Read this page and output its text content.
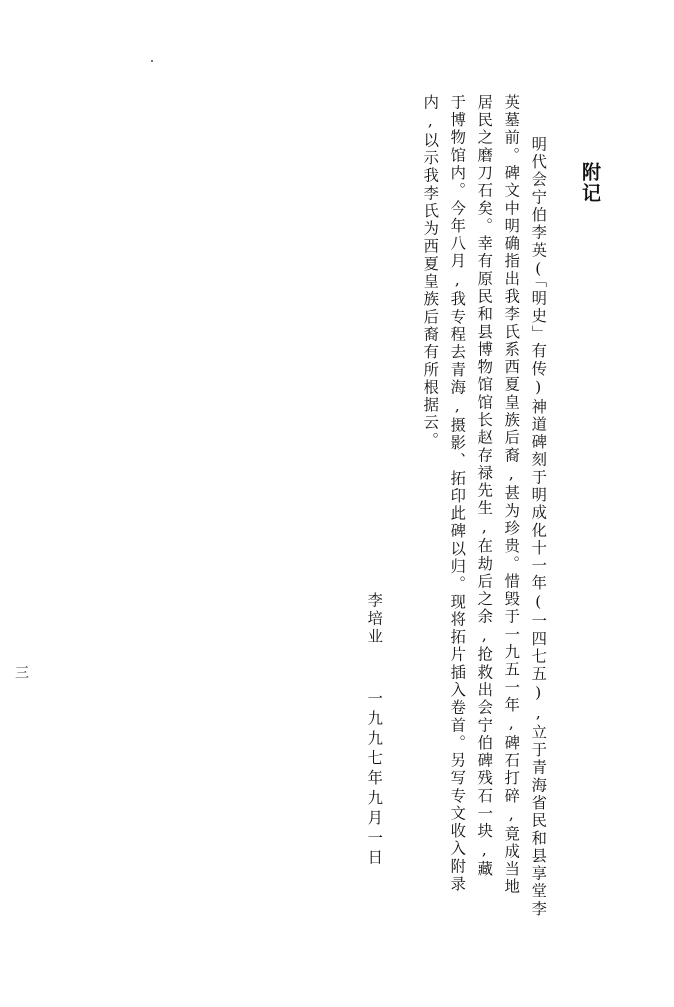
附记
明代会宁伯李英(「明史」有传)神道碑刻于明成化十一年(一四七五),立于青海省民和县享堂李
英墓前。碑文中明确指出我李氏系西夏皇族后裔,甚为珍贵。惜毁于一九五一年,碑石打碎,竟成当地
居民之磨刀石矣。幸有原民和县博物馆馆长赵存禄先生,在劫后之余,抢救出会宁伯碑残石一块,藏
于博物馆内。今年八月,我专程去青海,摄影、拓印此碑以归。现将拓片插入卷首。另写专文收入附录
内,以示我李氏为西夏皇族后裔有所根据云。
李培业
一九九七年九月一日
三
